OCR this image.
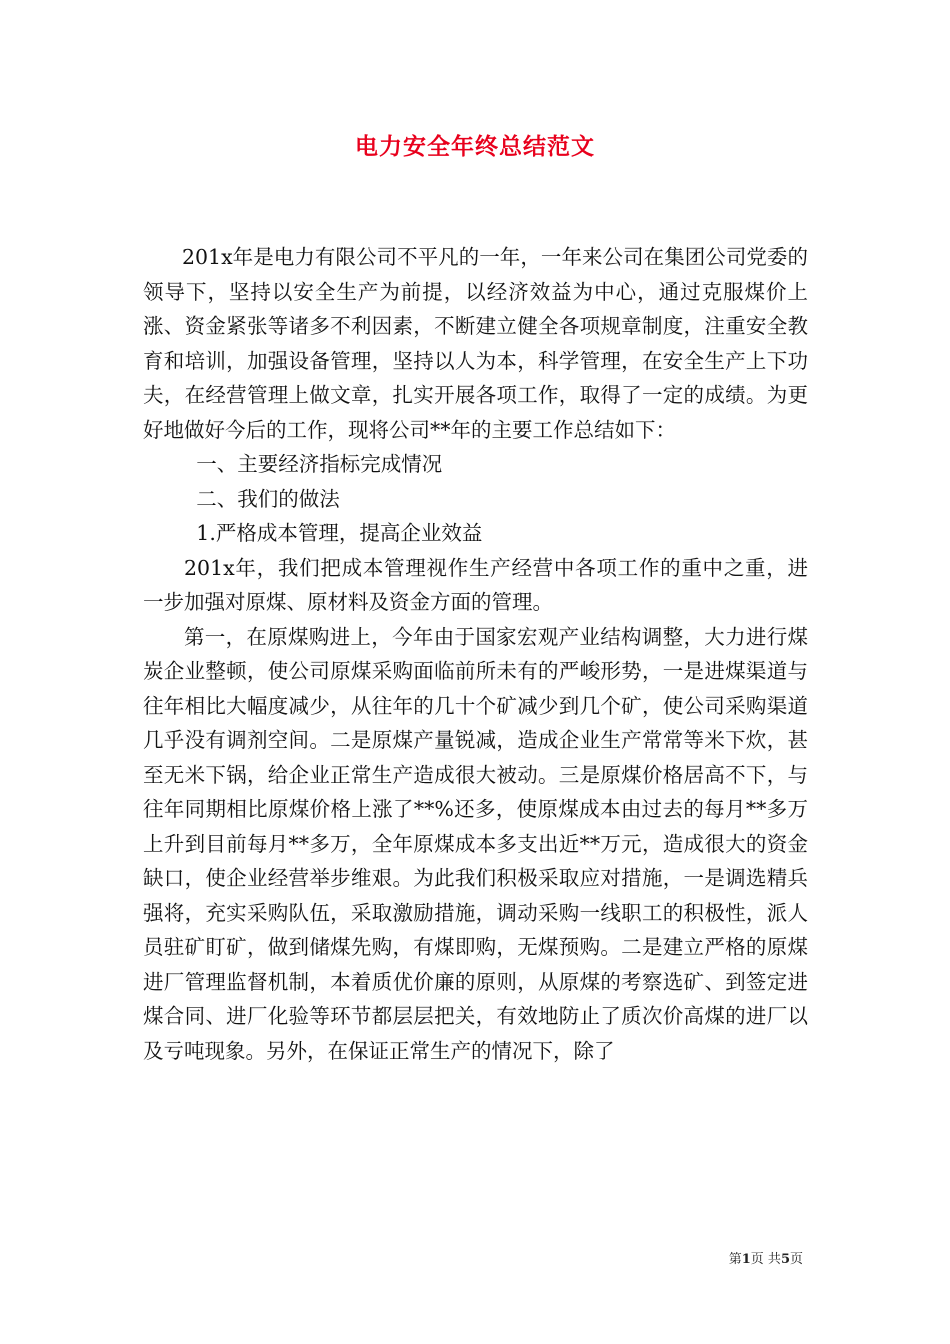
电力安全年终总结范文

201x年是电力有限公司不平凡的一年，一年来公司在集团公司党委的领导下，坚持以安全生产为前提，以经济效益为中心，通过克服煤价上涨、资金紧张等诸多不利因素，不断建立健全各项规章制度，注重安全教育和培训，加强设备管理，坚持以人为本，科学管理，在安全生产上下功夫，在经营管理上做文章，扎实开展各项工作，取得了一定的成绩。为更好地做好今后的工作，现将公司**年的主要工作总结如下：

一、主要经济指标完成情况

二、我们的做法

1.严格成本管理，提高企业效益

201x年，我们把成本管理视作生产经营中各项工作的重中之重，进一步加强对原煤、原材料及资金方面的管理。

第一，在原煤购进上，今年由于国家宏观产业结构调整，大力进行煤炭企业整顿，使公司原煤采购面临前所未有的严峻形势，一是进煤渠道与往年相比大幅度减少，从往年的几十个矿减少到几个矿，使公司采购渠道几乎没有调剂空间。二是原煤产量锐减，造成企业生产常常等米下炊，甚至无米下锅，给企业正常生产造成很大被动。三是原煤价格居高不下，与往年同期相比原煤价格上涨了**%还多，使原煤成本由过去的每月**多万上升到目前每月**多万，全年原煤成本多支出近**万元，造成很大的资金缺口，使企业经营举步维艰。为此我们积极采取应对措施，一是调选精兵强将，充实采购队伍，采取激励措施，调动采购一线职工的积极性，派人员驻矿盯矿，做到储煤先购，有煤即购，无煤预购。二是建立严格的原煤进厂管理监督机制，本着质优价廉的原则，从原煤的考察选矿、到签定进煤合同、进厂化验等环节都层层把关，有效地防止了质次价高煤的进厂以及亏吨现象。另外，在保证正常生产的情况下，除了

第1页 共5页
